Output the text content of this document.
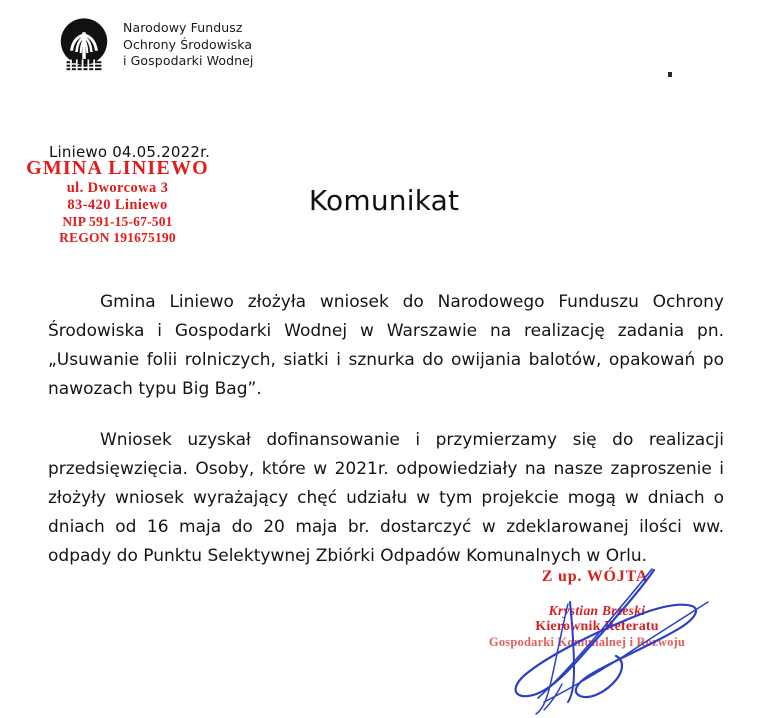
Narodowy Fundusz
Ochrony Środowiska
i Gospodarki Wodnej
Liniewo 04.05.2022r.
GMINA LINIEWO
ul. Dworcowa 3
83-420 Liniewo
NIP 591-15-67-501
REGON 191675190
Komunikat

Gmina Liniewo złożyła wniosek do Narodowego Funduszu Ochrony Środowiska i Gospodarki Wodnej w Warszawie na realizację zadania pn. „Usuwanie folii rolniczych, siatki i sznurka do owijania balotów, opakowań po nawozach typu Big Bag”.

Wniosek uzyskał dofinansowanie i przymierzamy się do realizacji przedsięwzięcia. Osoby, które w 2021r. odpowiedziały na nasze zaproszenie i złożyły wniosek wyrażający chęć udziału w tym projekcie mogą w dniach o dniach od 16 maja do 20 maja br. dostarczyć w zdeklarowanej ilości ww. odpady do Punktu Selektywnej Zbiórki Odpadów Komunalnych w Orlu.

Z up. WÓJTA
Krystian Brzeski
Kierownik Referatu
Gospodarki Komunalnej i Rozwoju
